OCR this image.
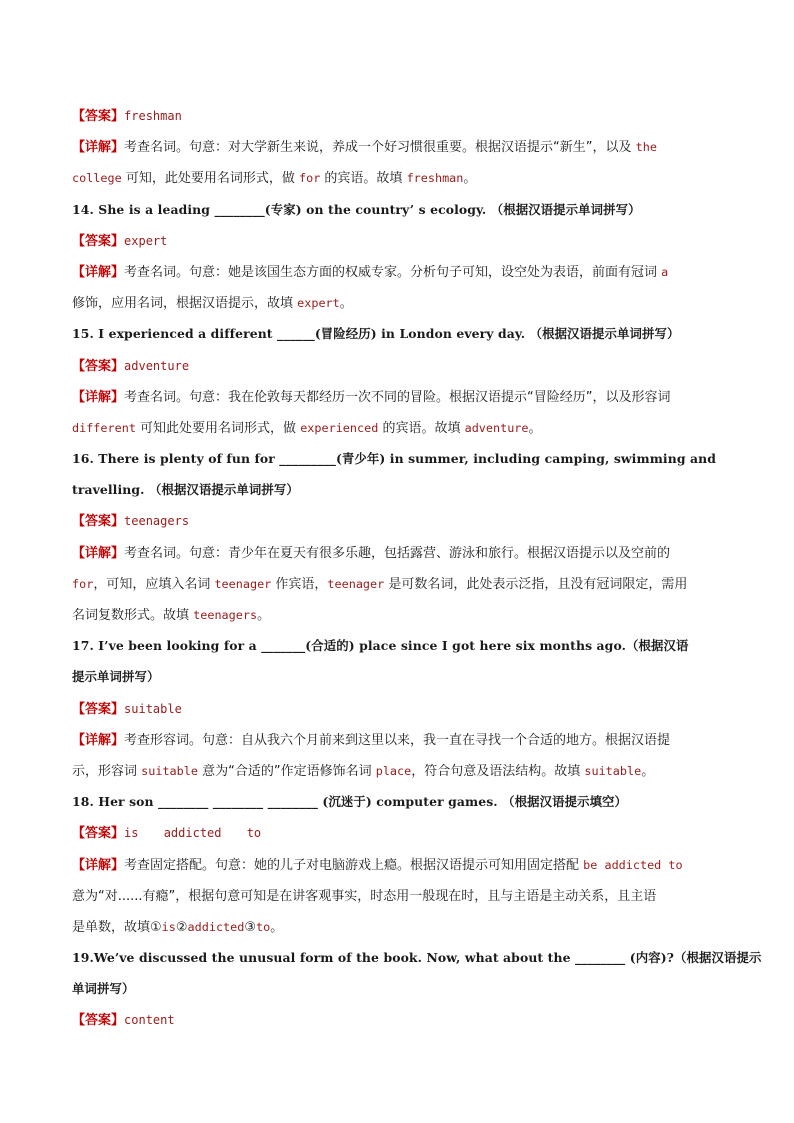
【答案】freshman
【详解】考查名词。句意：对大学新生来说，养成一个好习惯很重要。根据汉语提示“新生”，以及 the
college 可知，此处要用名词形式，做 for 的宾语。故填 freshman。
14. She is a leading ________(专家) on the country’ s ecology. （根据汉语提示单词拼写）
【答案】expert
【详解】考查名词。句意：她是该国生态方面的权威专家。分析句子可知，设空处为表语，前面有冠词 a
修饰，应用名词，根据汉语提示，故填 expert。
15. I experienced a different ______(冒险经历) in London every day. （根据汉语提示单词拼写）
【答案】adventure
【详解】考查名词。句意：我在伦敦每天都经历一次不同的冒险。根据汉语提示“冒险经历”，以及形容词
different 可知此处要用名词形式，做 experienced 的宾语。故填 adventure。
16. There is plenty of fun for _________(青少年) in summer, including camping, swimming and
travelling. （根据汉语提示单词拼写）
【答案】teenagers
【详解】考查名词。句意：青少年在夏天有很多乐趣，包括露营、游泳和旅行。根据汉语提示以及空前的
for，可知，应填入名词 teenager 作宾语，teenager 是可数名词，此处表示泛指，且没有冠词限定，需用
名词复数形式。故填 teenagers。
17. I’ve been looking for a _______(合适的) place since I got here six months ago.（根据汉语
提示单词拼写）
【答案】suitable
【详解】考查形容词。句意：自从我六个月前来到这里以来，我一直在寻找一个合适的地方。根据汉语提
示，形容词 suitable 意为“合适的”作定语修饰名词 place，符合句意及语法结构。故填 suitable。
18. Her son ________ ________ ________ (沉迷于) computer games. （根据汉语提示填空）
【答案】is addicted to
【详解】考查固定搭配。句意：她的儿子对电脑游戏上瘾。根据汉语提示可知用固定搭配 be addicted to
意为“对......有瘾”，根据句意可知是在讲客观事实，时态用一般现在时，且与主语是主动关系，且主语
是单数，故填①is②addicted③to。
19.We’ve discussed the unusual form of the book. Now, what about the ________ (内容)?（根据汉语提示
单词拼写）
【答案】content
